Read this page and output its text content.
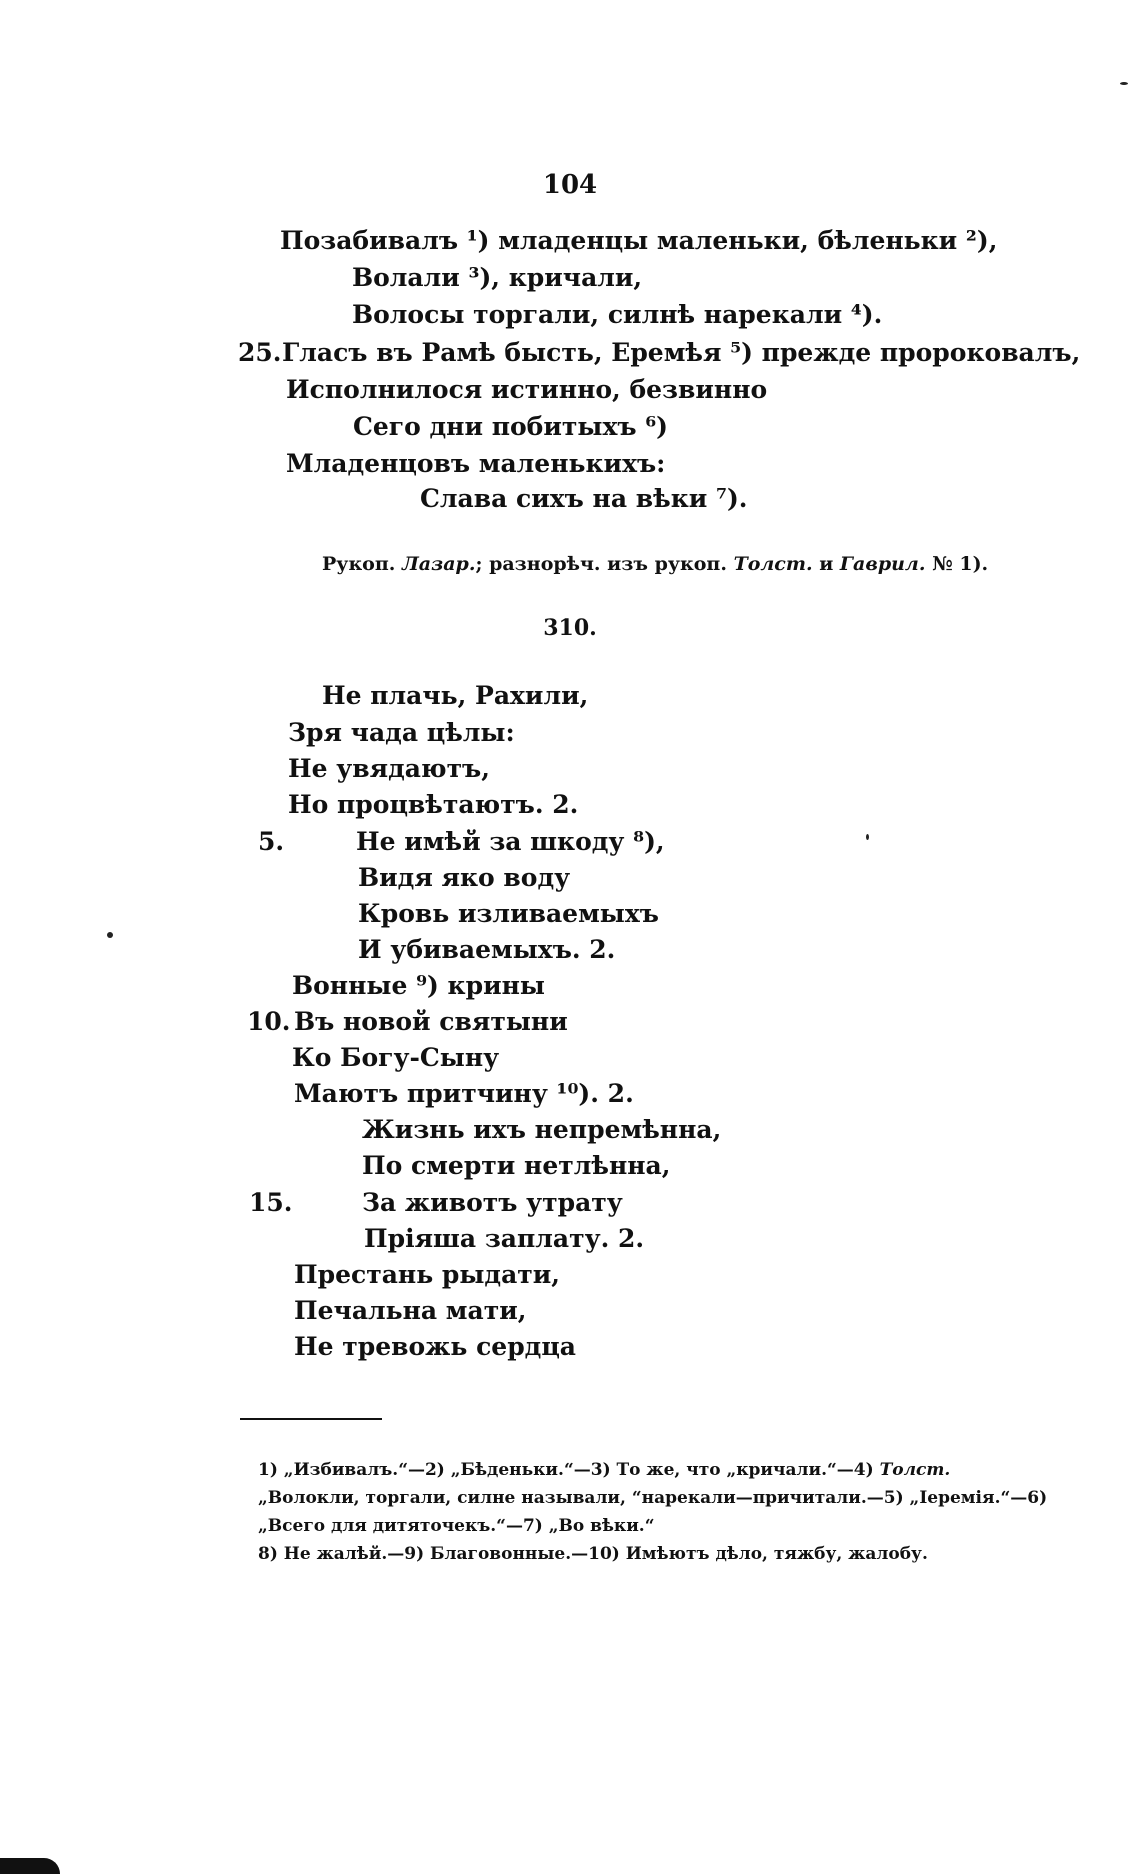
104
Позабивалъ ¹) младенцы маленьки, бѣленьки ²),
Волали ³), кричали,
Волосы торгали, силнѣ нарекали ⁴).
25. Гласъ въ Рамѣ бысть, Еремѣя ⁵) прежде пророковалъ,
Исполнилося истинно, безвинно
Сего дни побитыхъ ⁶)
Младенцовъ маленькихъ:
Слава сихъ на вѣки ⁷).
Рукоп. Лазар.; разнорѣч. изъ рукоп. Толст. и Гаврил. № 1).
310.
Не плачь, Рахили,
Зря чада цѣлы:
Не увядаютъ,
Но процвѣтаютъ. 2.
5.	Не имѣй за шкоду ⁸),
Видя яко воду
Кровь изливаемыхъ
И убиваемыхъ. 2.
Вонные ⁹) крины
10. Въ новой святыни
Ко Богу-Сыну
Маютъ притчину ¹⁰). 2.
Жизнь ихъ непремѣнна,
По смерти нетлѣнна,
15.	За животъ утрату
Пріяша заплату. 2.
Престань рыдати,
Печальна мати,
Не тревожь сердца
1) „Избивалъ.“—2) „Бѣденьки.“—3) То же, что „кричали.“—4) Толст.
„Волокли, торгали, силне называли, “нарекали—причитали.—5) „Іеремія.“—6)
„Всего для дитяточекъ.“—7) „Во вѣки.“
8) Не жалѣй.—9) Благовонные.—10) Имѣютъ дѣло, тяжбу, жалобу.
